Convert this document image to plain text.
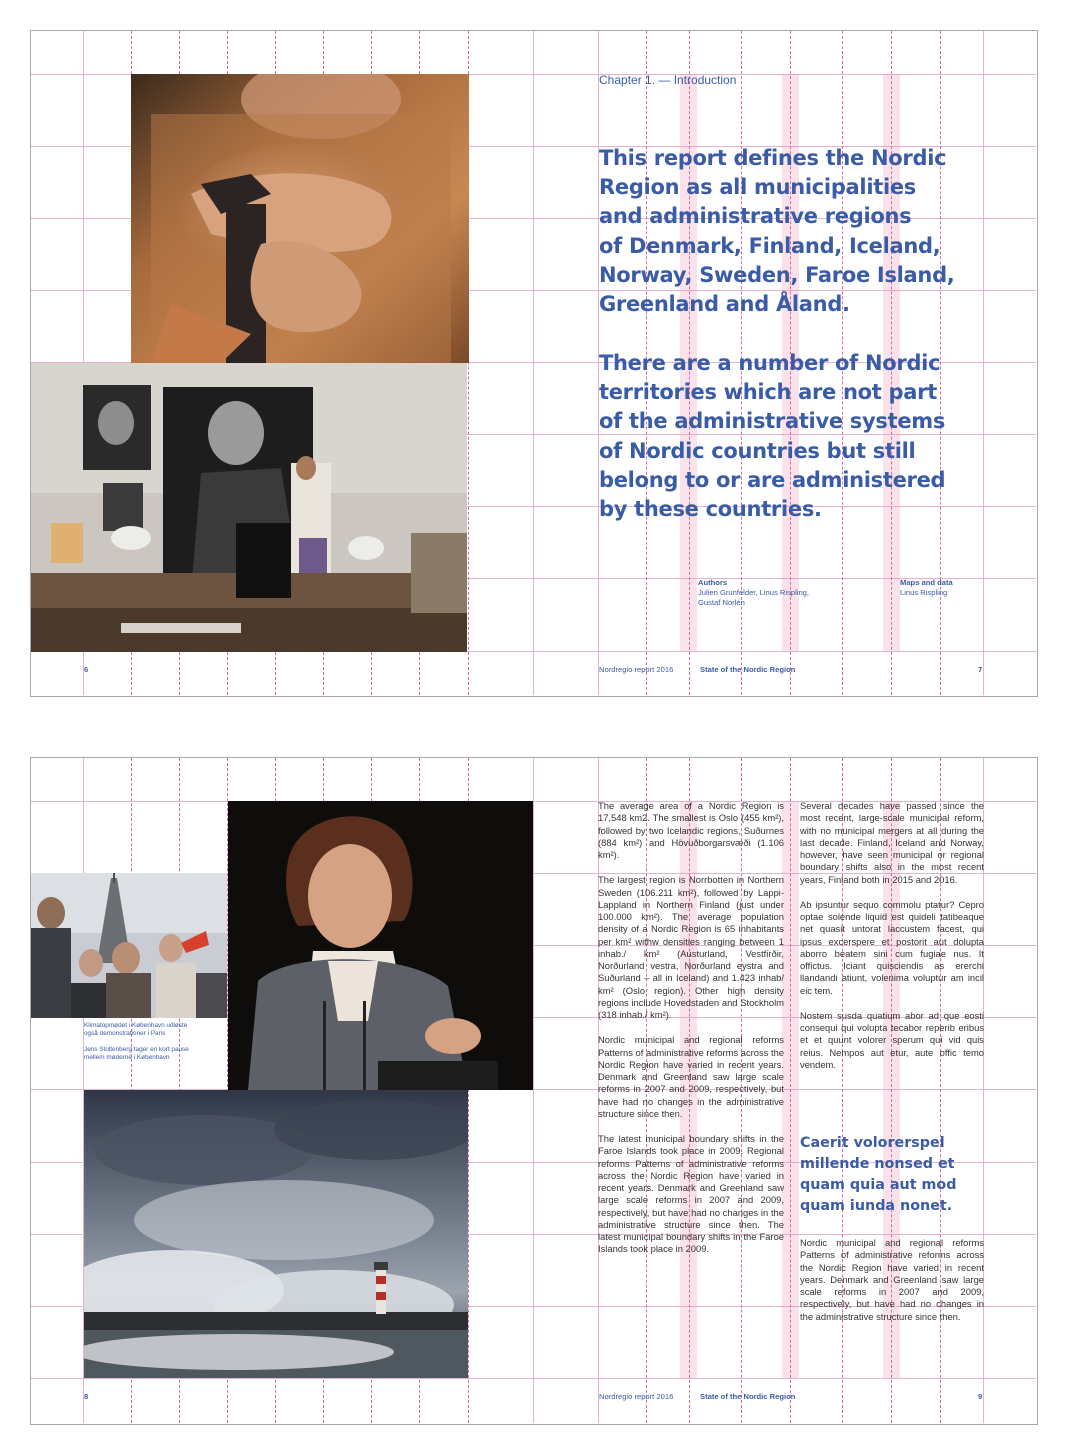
Chapter 1. — Introduction
This report defines the Nordic
Region as all municipalities
and administrative regions
of Denmark, Finland, Iceland,
Norway, Sweden, Faroe Island,
Greenland and Åland.
There are a number of Nordic
territories which are not part
of the administrative systems
of Nordic countries but still
belong to or are administered
by these countries.
Authors
Julien Grunfelder, Linus Rispling,
Gustaf Norlén
Maps and data
Linus Rispling
6	Nordregio report 2016	State of the Nordic Region	7
Klimatopmødet i København udløste
også demonstrationer i Paris
Jens Stoltenberg tager en kort pause
mellem møderne i København

The average area of a Nordic Region is 17,548 km2. The smallest is Oslo (455 km²), followed by two Icelandic regions, Suðurnes (884 km²) and Hövuðborgarsvæði (1.106 km²).

The largest region is Norrbotten in Northern Sweden (106.211 km²), followed by Lappi-Lappland in Northern Finland (just under 100.000 km²). The average population density of a Nordic Region is 65 inhabitants per km² withw densities ranging between 1 inhab./ km² (Austurland, Vestfirðir, Norðurland vestra, Norðurland eystra and Suðurland – all in Iceland) and 1.423 inhab/ km² (Oslo region). Other high density regions include Hovedstaden and Stockholm (318 inhab./ km²).

Nordic municipal and regional reforms Patterns of administrative reforms across the Nordic Region have varied in recent years. Denmark and Greenland saw large scale reforms in 2007 and 2009, respectively, but have had no changes in the administrative structure since then.

The latest municipal boundary shifts in the Faroe Islands took place in 2009. Regional reforms Patterns of administrative reforms across the Nordic Region have varied in recent years. Denmark and Greenland saw large scale reforms in 2007 and 2009, respectively, but have had no changes in the administrative structure since then. The latest municipal boundary shifts in the Faroe Islands took place in 2009.

Several decades have passed since the most recent, large-scale municipal reform, with no municipal mergers at all during the last decade. Finland, Iceland and Norway, however, have seen municipal or regional boundary shifts also in the most recent years, Finland both in 2015 and 2016.

Ab ipsuntur sequo commolu ptatur? Cepro optae solende liquid est quideli tatibeaque net quasit untorat laccustem facest, qui ipsus excerspere et postorit aut dolupta aborro beatem sini cum fugiae nus. It offictus. Iciant quisciendis as ererchi llandandi atiunt, volenima voluptur am incil eic tem.

Nostem susda quatium abor ad que eosti consequi qui volupta tecabor reperib eribus et et quunt volorer sperum qui vid quis reius. Nempos aut etur, aute offic temo vendem.

Caerit volorerspel
millende nonsed et
quam quia aut mod
quam iunda nonet.

Nordic municipal and regional reforms Patterns of administrative reforms across the Nordic Region have varied in recent years. Denmark and Greenland saw large scale reforms in 2007 and 2009, respectively, but have had no changes in the administrative structure since then.

8	Nordregio report 2016	State of the Nordic Region	9
